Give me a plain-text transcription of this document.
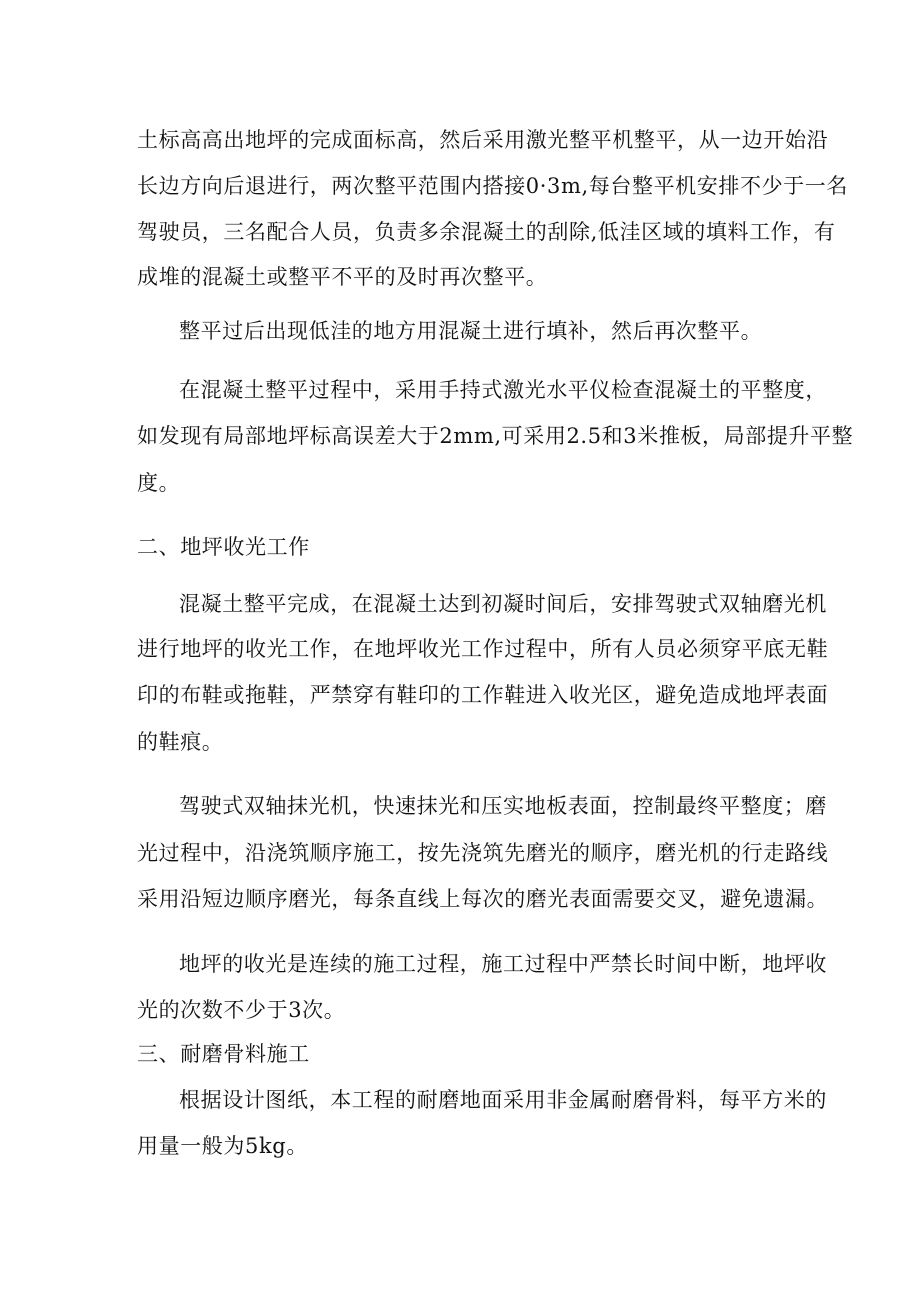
土标高高出地坪的完成面标高，然后采用激光整平机整平，从一边开始沿
长边方向后退进行，两次整平范围内搭接0·3m,每台整平机安排不少于一名
驾驶员，三名配合人员，负责多余混凝土的刮除,低洼区域的填料工作，有
成堆的混凝土或整平不平的及时再次整平。
整平过后出现低洼的地方用混凝土进行填补，然后再次整平。
在混凝土整平过程中，采用手持式激光水平仪检查混凝土的平整度，
如发现有局部地坪标高误差大于2mm,可采用2.5和3米推板，局部提升平整
度。
二、地坪收光工作
混凝土整平完成，在混凝土达到初凝时间后，安排驾驶式双轴磨光机
进行地坪的收光工作，在地坪收光工作过程中，所有人员必须穿平底无鞋
印的布鞋或拖鞋，严禁穿有鞋印的工作鞋进入收光区，避免造成地坪表面
的鞋痕。
驾驶式双轴抹光机，快速抹光和压实地板表面，控制最终平整度；磨
光过程中，沿浇筑顺序施工，按先浇筑先磨光的顺序，磨光机的行走路线
采用沿短边顺序磨光，每条直线上每次的磨光表面需要交叉，避免遗漏。
地坪的收光是连续的施工过程，施工过程中严禁长时间中断，地坪收
光的次数不少于3次。
三、耐磨骨料施工
根据设计图纸，本工程的耐磨地面采用非金属耐磨骨料，每平方米的
用量一般为5kg。
